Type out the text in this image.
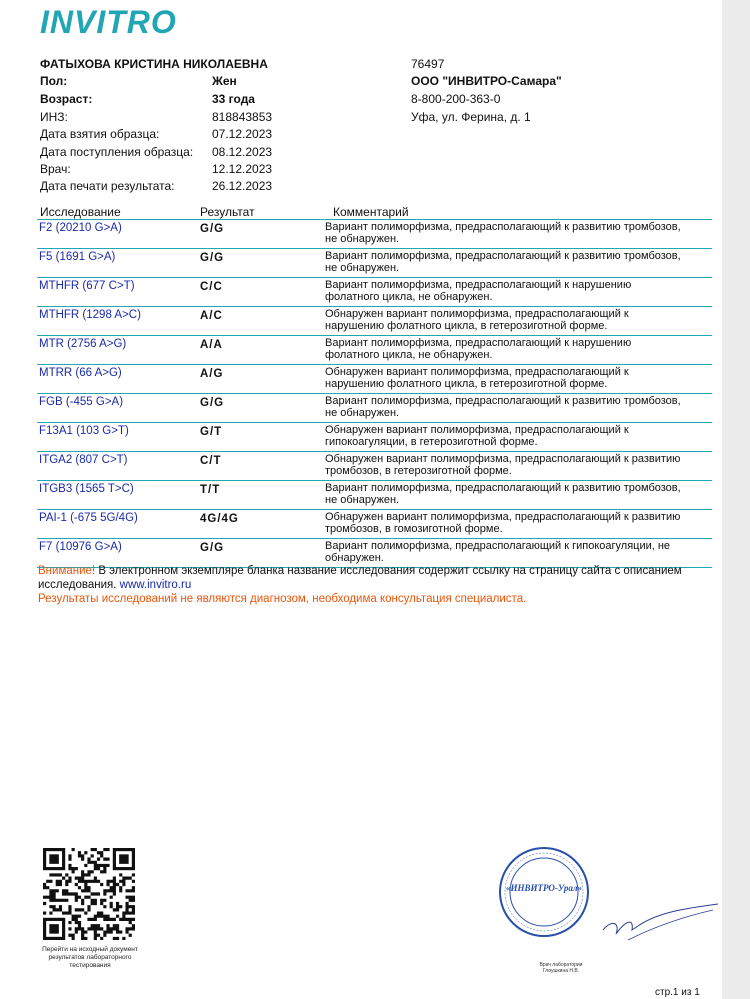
INVITRO
ФАТЫХОВА КРИСТИНА НИКОЛАЕВНА
Пол:	Жен
Возраст:	33 года
ИНЗ:	818843853
Дата взятия образца:	07.12.2023
Дата поступления образца: 08.12.2023
Врач:	12.12.2023
Дата печати результата:	26.12.2023
76497
ООО "ИНВИТРО-Самара"
8-800-200-363-0
Уфа, ул. Ферина, д. 1
Исследование	Результат	Комментарий
F2 (20210 G>A)	G/G	Вариант полиморфизма, предрасполагающий к развитию тромбозов, не обнаружен.
F5 (1691 G>A)	G/G	Вариант полиморфизма, предрасполагающий к развитию тромбозов, не обнаружен.
MTHFR (677 C>T)	C/C	Вариант полиморфизма, предрасполагающий к нарушению фолатного цикла, не обнаружен.
MTHFR (1298 A>C)	A/C	Обнаружен вариант полиморфизма, предрасполагающий к нарушению фолатного цикла, в гетерозиготной форме.
MTR (2756 A>G)	A/A	Вариант полиморфизма, предрасполагающий к нарушению фолатного цикла, не обнаружен.
MTRR (66 A>G)	A/G	Обнаружен вариант полиморфизма, предрасполагающий к нарушению фолатного цикла, в гетерозиготной форме.
FGB (-455 G>A)	G/G	Вариант полиморфизма, предрасполагающий к развитию тромбозов, не обнаружен.
F13A1 (103 G>T)	G/T	Обнаружен вариант полиморфизма, предрасполагающий к гипокоагуляции, в гетерозиготной форме.
ITGA2 (807 C>T)	C/T	Обнаружен вариант полиморфизма, предрасполагающий к развитию тромбозов, в гетерозиготной форме.
ITGB3 (1565 T>C)	T/T	Вариант полиморфизма, предрасполагающий к развитию тромбозов, не обнаружен.
PAI-1 (-675 5G/4G)	4G/4G	Обнаружен вариант полиморфизма, предрасполагающий к развитию тромбозов, в гомозиготной форме.
F7 (10976 G>A)	G/G	Вариант полиморфизма, предрасполагающий к гипокоагуляции, не обнаружен.
Внимание! В электронном экземпляре бланка название исследования содержит ссылку на страницу сайта с описанием исследования. www.invitro.ru
Результаты исследований не являются диагнозом, необходима консультация специалиста.
Перейти на исходный документ результатов лабораторного тестирования
«ИНВИТРО-Урал»
Врач лаборатории Глоушкина Н.В.
стр.1 из 1
